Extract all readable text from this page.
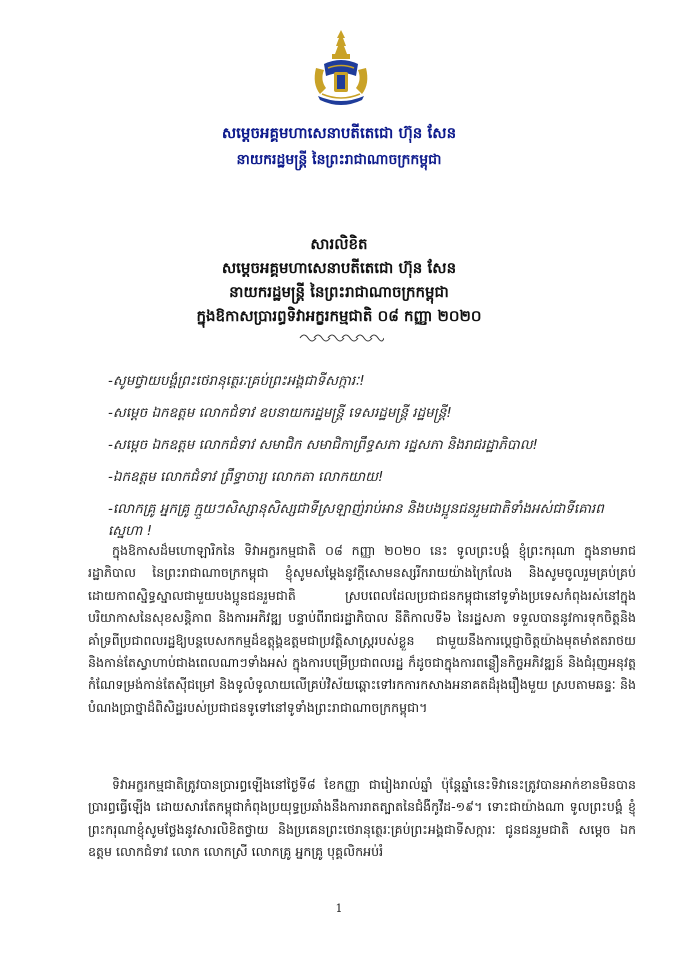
សម្តេចអគ្គមហាសេនាបតីតេជោ ហ៊ុន សែន
នាយករដ្ឋមន្ត្រី នៃព្រះរាជាណាចក្រកម្ពុជា
សារលិខិត
សម្តេចអគ្គមហាសេនាបតីតេជោ ហ៊ុន សែន
នាយករដ្ឋមន្ត្រី នៃព្រះរាជាណាចក្រកម្ពុជា
ក្នុងឱកាសប្រារព្ធទិវាអក្ខរកម្មជាតិ ០៨ កញ្ញា ២០២០
-សូមថ្វាយបង្គំព្រះថេរានុត្ថេរៈគ្រប់ព្រះអង្គជាទីសក្ការៈ!
-សម្តេច ឯកឧត្តម លោកជំទាវ ឧបនាយករដ្ឋមន្ត្រី ទេសរដ្ឋមន្ត្រី រដ្ឋមន្ត្រី!
-សម្តេច ឯកឧត្តម លោកជំទាវ សមាជិក សមាជិកាព្រឹទ្ធសភា រដ្ឋសភា និងរាជរដ្ឋាភិបាល!
-ឯកឧត្តម លោកជំទាវ ព្រឹទ្ធាចារ្យ លោកតា លោកយាយ!
-លោកគ្រូ អ្នកគ្រូ ក្មួយៗសិស្សានុសិស្សជាទីស្រឡាញ់រាប់អាន និងបងប្អូនជនរួមជាតិទាំងអស់ជាទីគោរពស្នេហា !
ក្នុងឱកាសដ៏មហោឡារិកនៃ ទិវាអក្ខរកម្មជាតិ ០៨ កញ្ញា ២០២០ នេះ ទូលព្រះបង្គំ ខ្ញុំព្រះករុណា ក្នុងនាមរាជរដ្ឋាភិបាល នៃព្រះរាជាណាចក្រកម្ពុជា ខ្ញុំសូមសម្តែងនូវក្តីសោមនស្សរីករាយយ៉ាងក្រៃលែង និងសូមចូលរួមគ្រប់គ្រប់ដោយកាពស្និទ្ធស្នាលជាមួយបងប្អូនជនរួមជាតិ ស្របពេលដែលប្រជាជនកម្ពុជានៅទូទាំងប្រទេសកំពុងរស់នៅក្នុងបរិយាកាសនៃសុខសន្តិភាព និងការអភិវឌ្ឍ បន្ទាប់ពីរាជរដ្ឋាភិបាល នីតិកាលទី៦ នៃរដ្ឋសភា ទទួលបាននូវការទុកចិត្តនិងគាំទ្រពីប្រជាពលរដ្ឋឱ្យបន្តបេសកកម្មដ៏ឧត្តុង្គឧត្តមជាប្រវត្តិសាស្ត្ររបស់ខ្លួន ជាមួយនឹងការប្តេជ្ញាចិត្តយ៉ាងមុតមាំឥតរាថយ និងកាន់តែស្វាហាប់ជាងពេលណាៗទាំងអស់ ក្នុងការបម្រើប្រជាពលរដ្ឋ ក៏ដូចជាក្នុងការពន្លឿនកិច្ចអភិវឌ្ឍន៍ និងជំរុញអនុវត្តកំណែទម្រង់កាន់តែស៊ីជម្រៅ និងទូលំទូលាយលើគ្រប់វិស័យឆ្ពោះទៅរកការកសាងអនាគតដ៏រុងរឿងមួយ ស្របតាមឆន្ទៈ និងបំណងប្រាថ្នាដ៏ពិសិដ្ឋរបស់ប្រជាជនទូទៅនៅទូទាំងព្រះរាជាណាចក្រកម្ពុជា។
ទិវាអក្ខរកម្មជាតិត្រូវបានប្រារព្ធឡើងនៅថ្ងៃទី៨ ខែកញ្ញា ជារៀងរាល់ឆ្នាំ ប៉ុន្តែឆ្នាំនេះទិវានេះត្រូវបានអាក់ខានមិនបានប្រារព្ធធ្វើឡើង ដោយសារតែកម្ពុជាកំពុងប្រយុទ្ធប្រឆាំងនឹងការរាតត្បាតនៃជំងឺកូវីដ-១៩។ ទោះជាយ៉ាងណា ទូលព្រះបង្គំ ខ្ញុំព្រះករុណាខ្ញុំសូមថ្លែងនូវសារលិខិតថ្វាយ និងប្រគេនព្រះថេរានុត្ថេរៈគ្រប់ព្រះអង្គជាទីសក្ការៈ ជូនជនរួមជាតិ សម្តេច ឯកឧត្តម លោកជំទាវ លោក លោកស្រី លោកគ្រូ អ្នកគ្រូ បុគ្គលិកអប់រំ
1
